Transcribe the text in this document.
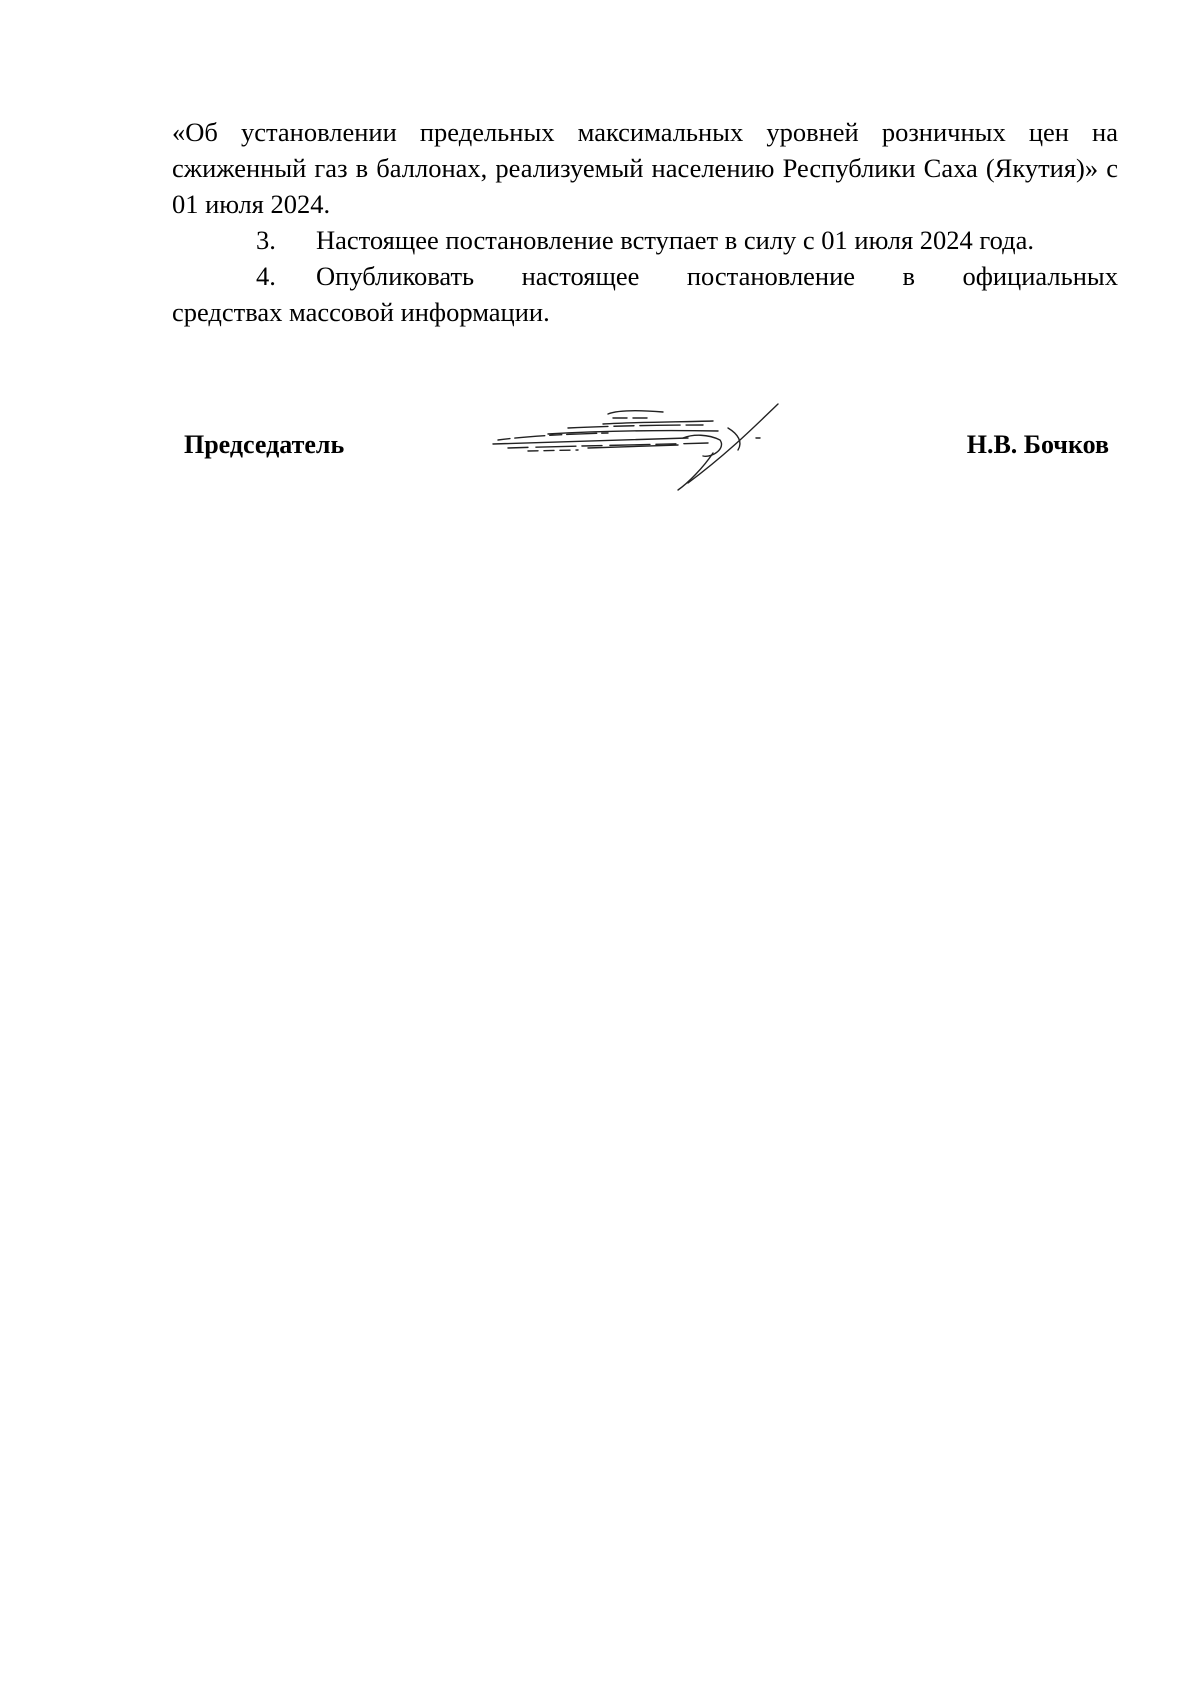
«Об установлении предельных максимальных уровней розничных цен на сжиженный газ в баллонах, реализуемый населению Республики Саха (Якутия)» с 01 июля 2024.

3. Настоящее постановление вступает в силу с 01 июля 2024 года.
4.	Опубликовать настоящее постановление в официальных
средствах массовой информации.
Председатель	Н.В. Бочков
